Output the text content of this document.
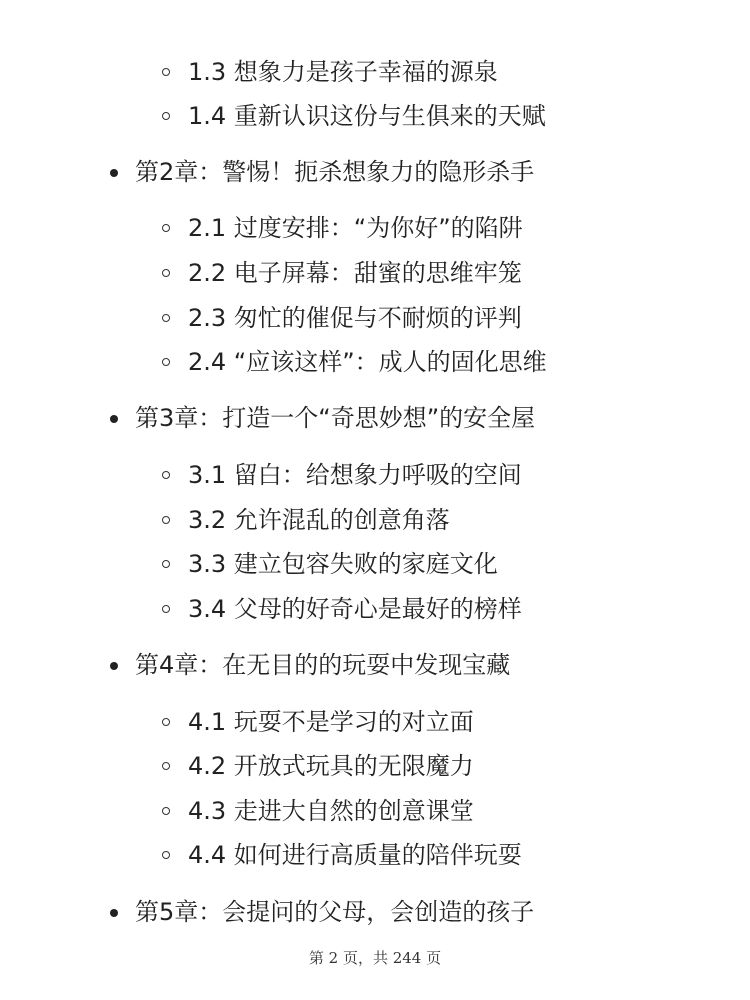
1.3 想象力是孩子幸福的源泉
1.4 重新认识这份与生俱来的天赋
第2章：警惕！扼杀想象力的隐形杀手
2.1 过度安排：“为你好”的陷阱
2.2 电子屏幕：甜蜜的思维牢笼
2.3 匆忙的催促与不耐烦的评判
2.4 “应该这样”：成人的固化思维
第3章：打造一个“奇思妙想”的安全屋
3.1 留白：给想象力呼吸的空间
3.2 允许混乱的创意角落
3.3 建立包容失败的家庭文化
3.4 父母的好奇心是最好的榜样
第4章：在无目的的玩耍中发现宝藏
4.1 玩耍不是学习的对立面
4.2 开放式玩具的无限魔力
4.3 走进大自然的创意课堂
4.4 如何进行高质量的陪伴玩耍
第5章：会提问的父母，会创造的孩子
第 2 页，共 244 页
